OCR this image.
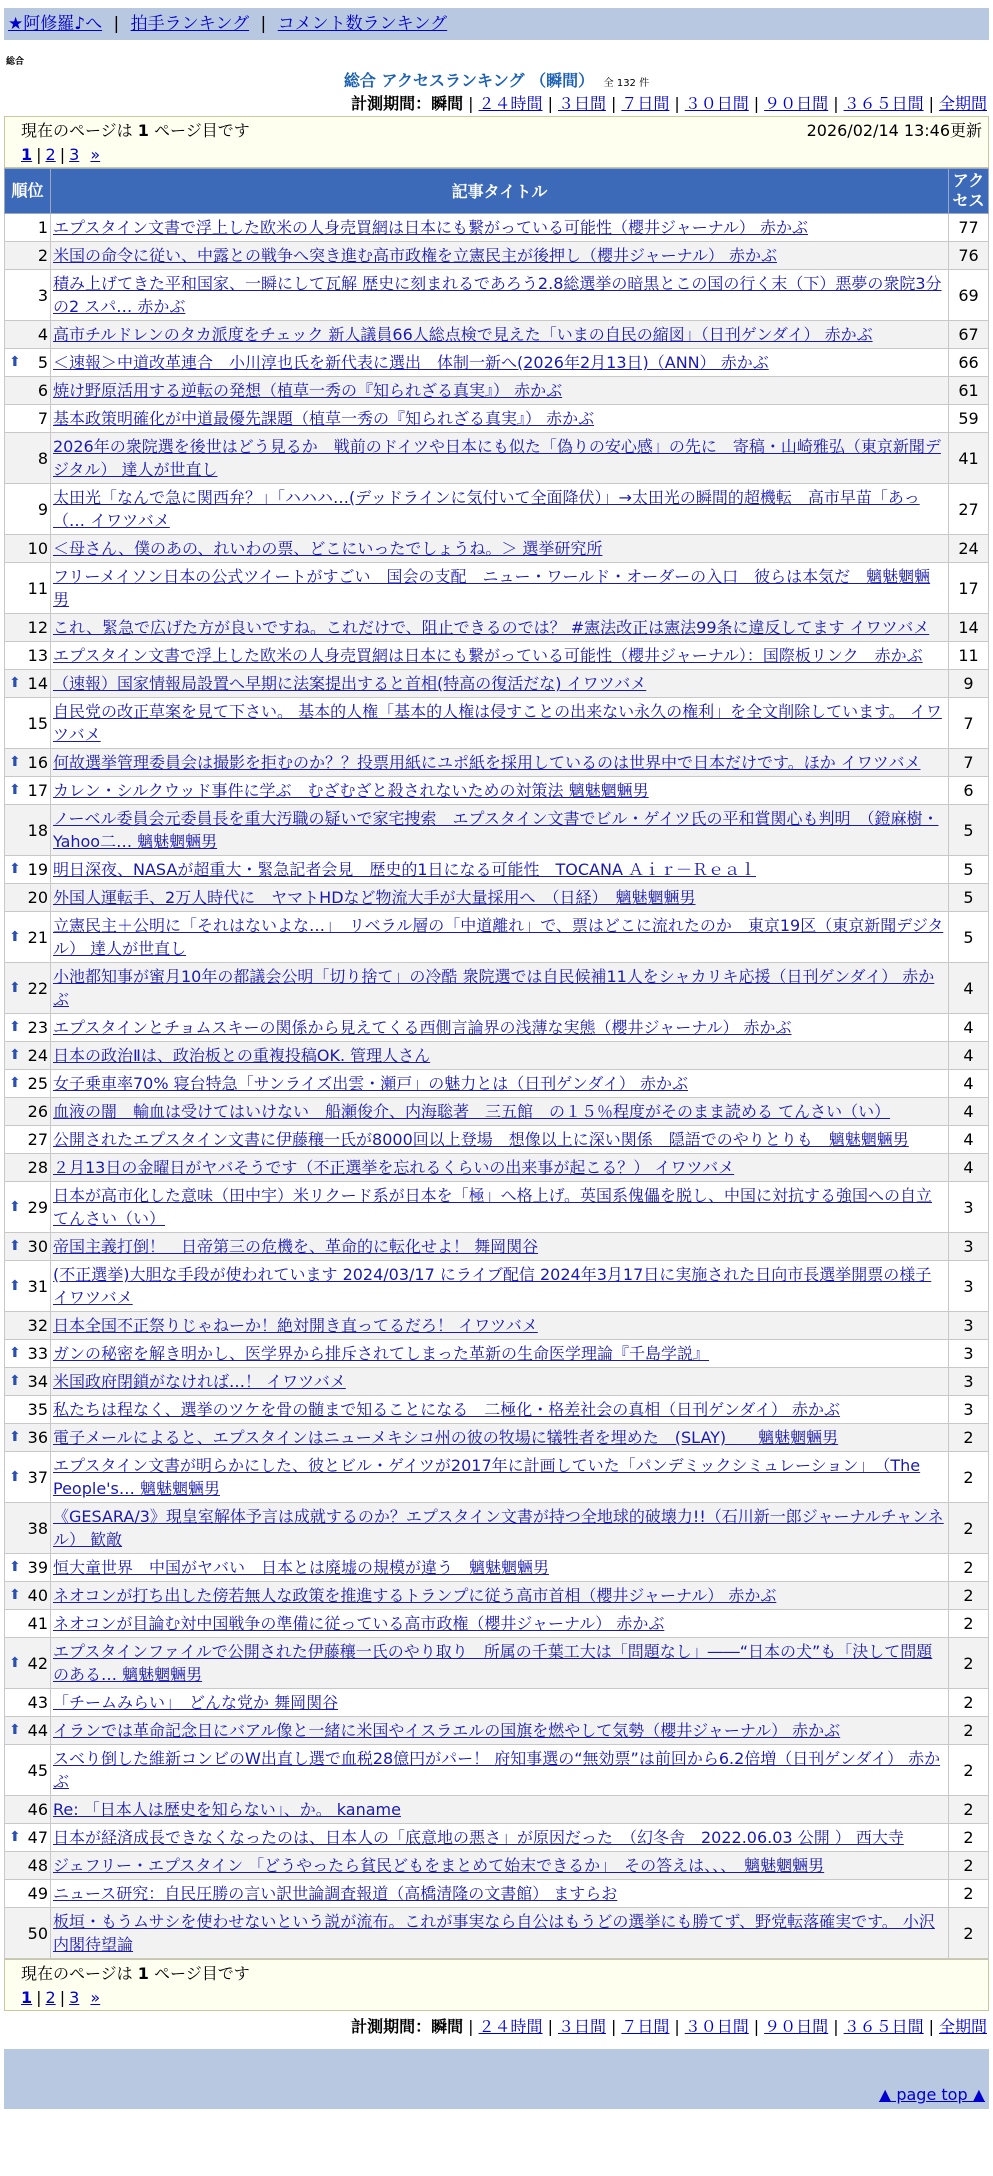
★阿修羅♪へ | 拍手ランキング | コメント数ランキング
総合
総合 アクセスランキング （瞬間） 全 132 件
計測期間：瞬間 | ２４時間 | ３日間 | ７日間 | ３０日間 | ９０日間 | ３６５日間 | 全期間
現在のページは 1 ページ目です	2026/02/14 13:46更新
1 | 2 | 3 »
順位	記事タイトル	アクセス
1	エプスタイン文書で浮上した欧米の人身売買網は日本にも繋がっている可能性（櫻井ジャーナル） 赤かぶ	77
2	米国の命令に従い、中露との戦争へ突き進む高市政権を立憲民主が後押し（櫻井ジャーナル） 赤かぶ	76
3	積み上げてきた平和国家、一瞬にして瓦解 歴史に刻まれるであろう2.8総選挙の暗黒とこの国の行く末（下）悪夢の衆院3分の2 スパ… 赤かぶ	69
4	高市チルドレンのタカ派度をチェック 新人議員66人総点検で見えた「いまの自民の縮図」（日刊ゲンダイ） 赤かぶ	67

⬆ 5	＜速報＞中道改革連合　小川淳也氏を新代表に選出　体制一新へ(2026年2月13日)（ANN） 赤かぶ	66
6	焼け野原活用する逆転の発想（植草一秀の『知られざる真実』） 赤かぶ	61
7	基本政策明確化が中道最優先課題（植草一秀の『知られざる真実』） 赤かぶ	59
8	2026年の衆院選を後世はどう見るか　戦前のドイツや日本にも似た「偽りの安心感」の先に　寄稿・山崎雅弘（東京新聞デジタル） 達人が世直し	41
9	太田光「なんで急に関西弁？」「ハハハ…(デッドラインに気付いて全面降伏）」→太田光の瞬間的超機転　高市早苗「あっ（… イワツバメ	27
10	＜母さん、僕のあの、れいわの票、どこにいったでしょうね。＞ 選挙研究所	24
11	フリーメイソン日本の公式ツイートがすごい　国会の支配　ニュー・ワールド・オーダーの入口　彼らは本気だ　魑魅魍魎男	17
12	これ、緊急で広げた方が良いですね。これだけで、阻止できるのでは？ #憲法改正は憲法99条に違反してます イワツバメ	14
13	エプスタイン文書で浮上した欧米の人身売買網は日本にも繋がっている可能性（櫻井ジャーナル）：国際板リンク　赤かぶ	11

⬆ 14	（速報）国家情報局設置へ早期に法案提出すると首相(特高の復活だな) イワツバメ	9
15	自民党の改正草案を見て下さい。 基本的人権「基本的人権は侵すことの出来ない永久の権利」を全文削除しています。 イワツバメ	7

⬆ 16	何故選挙管理委員会は撮影を拒むのか？？投票用紙にユポ紙を採用しているのは世界中で日本だけです。ほか イワツバメ	7

⬆ 17	カレン・シルクウッド事件に学ぶ　むざむざと殺されないための対策法 魑魅魍魎男	6
18	ノーベル委員会元委員長を重大汚職の疑いで家宅捜索　エプスタイン文書でビル・ゲイツ氏の平和賞関心も判明　（鐙麻樹・Yahoo二… 魑魅魍魎男	5

⬆ 19	明日深夜、NASAが超重大・緊急記者会見　歴史的1日になる可能性　TOCANA Ａｉｒ－Ｒｅａｌ	5
20	外国人運転手、2万人時代に　ヤマトHDなど物流大手が大量採用へ　（日経）　魑魅魍魎男	5

⬆ 21	立憲民主＋公明に「それはないよな…」　リベラル層の「中道離れ」で、票はどこに流れたのか　東京19区（東京新聞デジタル） 達人が世直し	5

⬆ 22	小池都知事が蜜月10年の都議会公明「切り捨て」の冷酷 衆院選では自民候補11人をシャカリキ応援（日刊ゲンダイ） 赤かぶ	4

⬆ 23	エプスタインとチョムスキーの関係から見えてくる西側言論界の浅薄な実態（櫻井ジャーナル） 赤かぶ	4

⬆ 24	日本の政治Ⅱは、政治板との重複投稿OK. 管理人さん	4

⬆ 25	女子乗車率70% 寝台特急「サンライズ出雲・瀬戸」の魅力とは（日刊ゲンダイ） 赤かぶ	4
26	血液の闇　輸血は受けてはいけない　船瀬俊介、内海聡著　三五館　の１５％程度がそのまま読める てんさい（い）	4
27	公開されたエプスタイン文書に伊藤穰一氏が8000回以上登場　想像以上に深い関係　隠語でのやりとりも　魑魅魍魎男	4
28	２月13日の金曜日がヤバそうです（不正選挙を忘れるくらいの出来事が起こる？） イワツバメ	4

⬆ 29	日本が高市化した意味（田中宇）米リクード系が日本を「極」へ格上げ。英国系傀儡を脱し、中国に対抗する強国への自立 てんさい（い）	3

⬆ 30	帝国主義打倒！　日帝第三の危機を、革命的に転化せよ！ 舞岡関谷	3

⬆ 31	(不正選挙)大胆な手段が使われています 2024/03/17 にライブ配信 2024年3月17日に実施された日向市長選挙開票の様子 イワツバメ	3
32	日本全国不正祭りじゃねーか！絶対開き直ってるだろ！ イワツバメ	3

⬆ 33	ガンの秘密を解き明かし、医学界から排斥されてしまった革新の生命医学理論『千島学説』	3

⬆ 34	米国政府閉鎖がなければ…！ イワツバメ	3
35	私たちは程なく、選挙のツケを骨の髄まで知ることになる　二極化・格差社会の真相（日刊ゲンダイ） 赤かぶ	3

⬆ 36	電子メールによると、エプスタインはニューメキシコ州の彼の牧場に犠牲者を埋めた　(SLAY)　　魑魅魍魎男	2

⬆ 37	エプスタイン文書が明らかにした、彼とビル・ゲイツが2017年に計画していた「パンデミックシミュレーション」　（The People's… 魑魅魍魎男	2
38	《GESARA/3》現皇室解体予言は成就するのか？エプスタイン文書が持つ全地球的破壊力!!（石川新一郎ジャーナルチャンネル） 歓敵	2

⬆ 39	恒大童世界　中国がヤバい　日本とは廃墟の規模が違う　魑魅魍魎男	2

⬆ 40	ネオコンが打ち出した傍若無人な政策を推進するトランプに従う高市首相（櫻井ジャーナル） 赤かぶ	2
41	ネオコンが目論む対中国戦争の準備に従っている高市政権（櫻井ジャーナル） 赤かぶ	2

⬆ 42	エプスタインファイルで公開された伊藤穰一氏のやり取り　所属の千葉工大は「問題なし」――“日本の犬”も「決して問題のある… 魑魅魍魎男	2
43	「チームみらい」　どんな党か 舞岡関谷	2

⬆ 44	イランでは革命記念日にバアル像と一緒に米国やイスラエルの国旗を燃やして気勢（櫻井ジャーナル） 赤かぶ	2
45	スベり倒した維新コンビのW出直し選で血税28億円がパー！ 府知事選の“無効票”は前回から6.2倍増（日刊ゲンダイ） 赤かぶ	2
46	Re: 「日本人は歴史を知らない」、か。 kaname	2

⬆ 47	日本が経済成長できなくなったのは、日本人の「底意地の悪さ」が原因だった　（幻冬舎　2022.06.03 公開 ） 西大寺	2
48	ジェフリー・エプスタイン 「どうやったら貧民どもをまとめて始末できるか」　その答えは、、、　魑魅魍魎男	2
49	ニュース研究：自民圧勝の言い訳世論調査報道（高橋清隆の文書館） ますらお	2
50	板垣・もうムサシを使わせないという説が流布。これが事実なら自公はもうどの選挙にも勝てず、野党転落確実です。 小沢内閣待望論	2
現在のページは 1 ページ目です
1 | 2 | 3 »
計測期間：瞬間 | ２４時間 | ３日間 | ７日間 | ３０日間 | ９０日間 | ３６５日間 | 全期間
▲ page top ▲
